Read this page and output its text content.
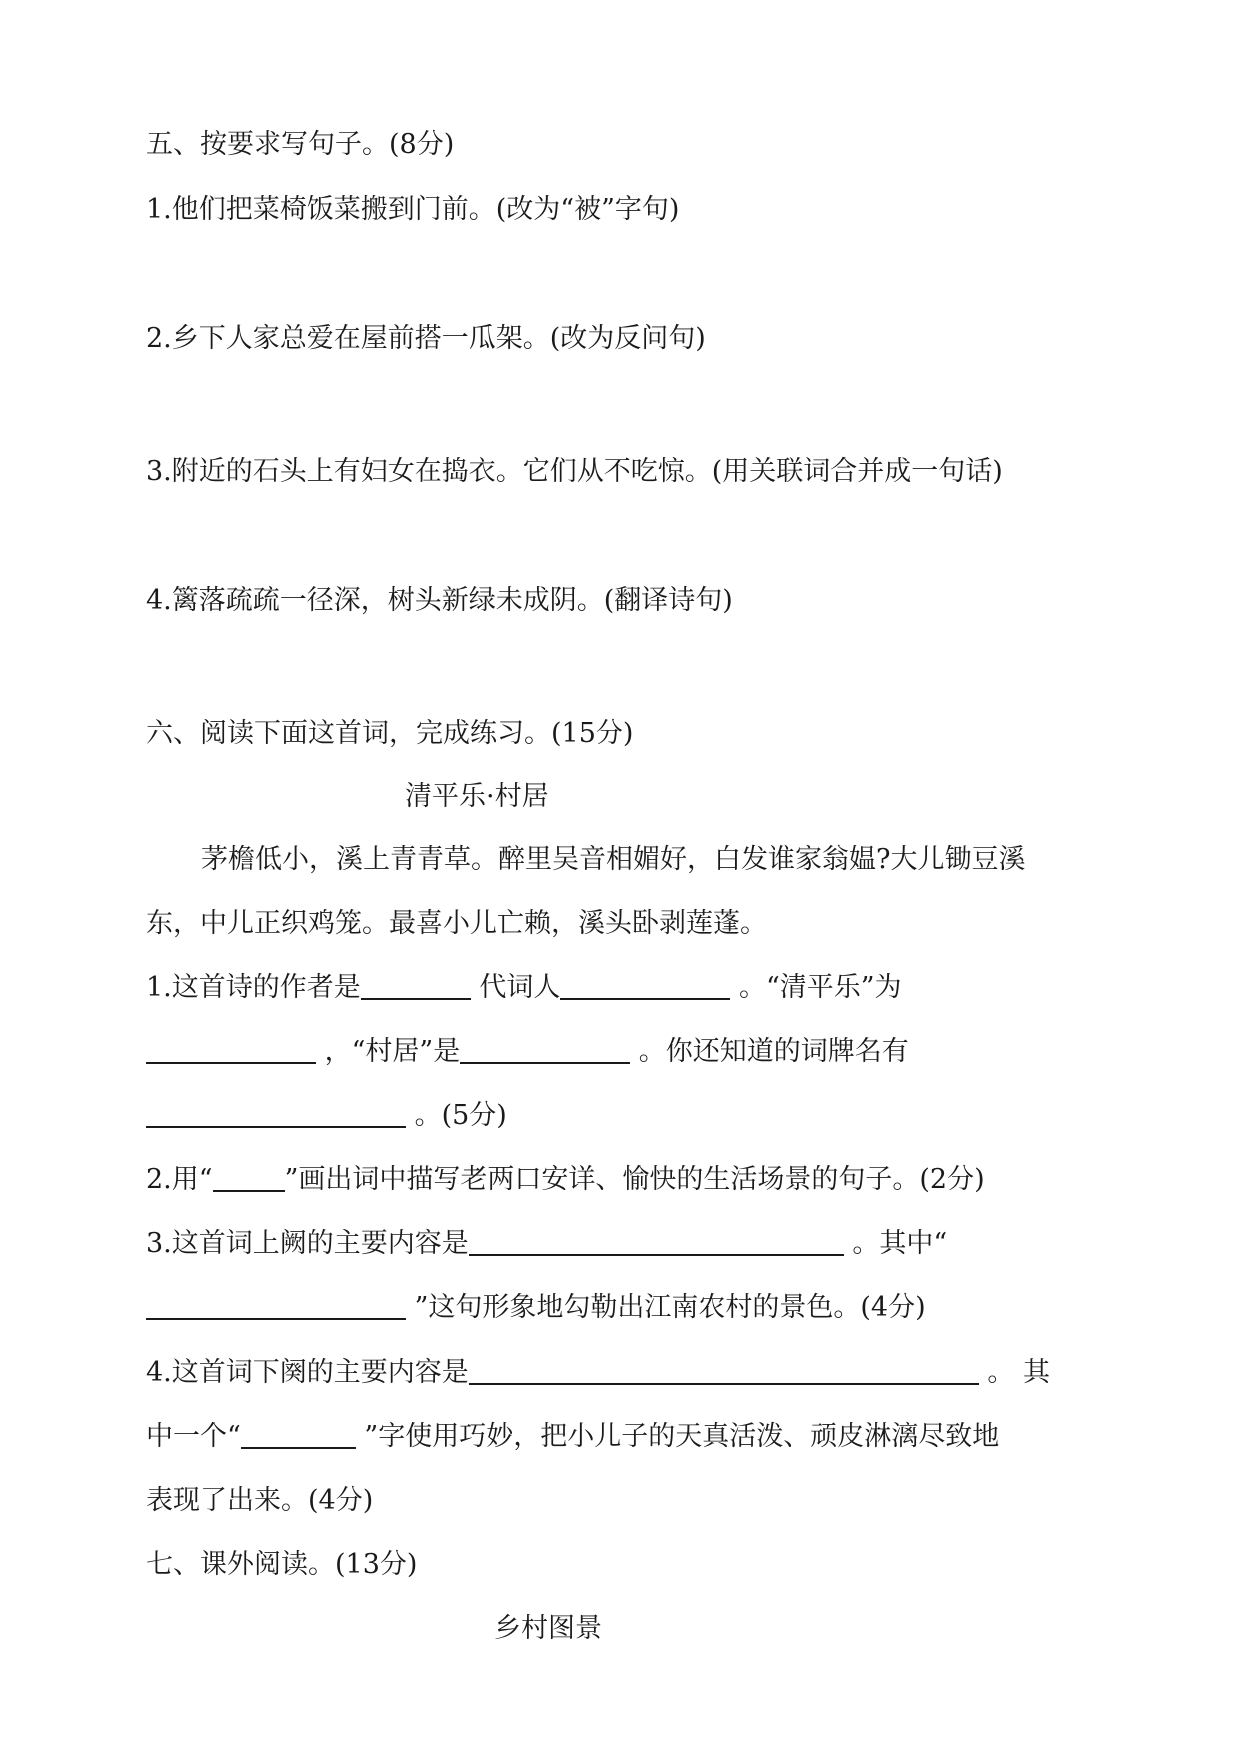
五、按要求写句子。(8分)
1.他们把菜椅饭菜搬到门前。(改为“被”字句)
2.乡下人家总爱在屋前搭一瓜架。(改为反问句)
3.附近的石头上有妇女在捣衣。它们从不吃惊。(用关联词合并成一句话)
4.篱落疏疏一径深，树头新绿未成阴。(翻译诗句)
六、阅读下面这首词，完成练习。(15分)
清平乐·村居
茅檐低小，溪上青青草。醉里吴音相媚好，白发谁家翁媪?大儿锄豆溪
东，中儿正织鸡笼。最喜小儿亡赖，溪头卧剥莲蓬。
1.这首诗的作者是	代词人	。“清平乐”为
，“村居”是	。你还知道的词牌名有
。(5分)
2.用“	”画出词中描写老两口安详、愉快的生活场景的句子。(2分)
3.这首词上阙的主要内容是	。其中“
”这句形象地勾勒出江南农村的景色。(4分)
4.这首词下阕的主要内容是	。 其
中一个“	”字使用巧妙，把小儿子的天真活泼、顽皮淋漓尽致地
表现了出来。(4分)
七、课外阅读。(13分)
乡村图景
